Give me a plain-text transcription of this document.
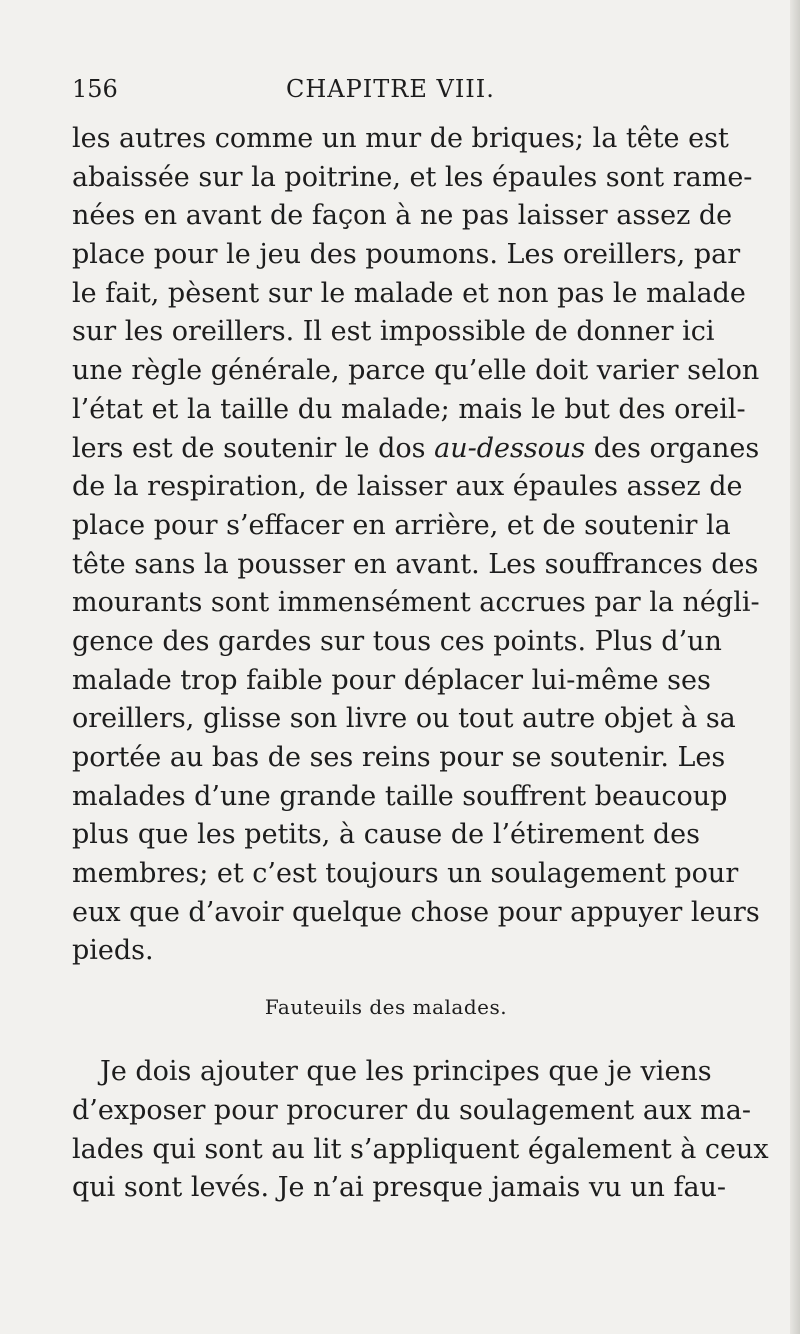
156	CHAPITRE VIII.
les autres comme un mur de briques; la tête est
abaissée sur la poitrine, et les épaules sont rame-
nées en avant de façon à ne pas laisser assez de
place pour le jeu des poumons. Les oreillers, par
le fait, pèsent sur le malade et non pas le malade
sur les oreillers. Il est impossible de donner ici
une règle générale, parce qu’elle doit varier selon
l’état et la taille du malade; mais le but des oreil-
lers est de soutenir le dos au-dessous des organes
de la respiration, de laisser aux épaules assez de
place pour s’effacer en arrière, et de soutenir la
tête sans la pousser en avant. Les souffrances des
mourants sont immensément accrues par la négli-
gence des gardes sur tous ces points. Plus d’un
malade trop faible pour déplacer lui-même ses
oreillers, glisse son livre ou tout autre objet à sa
portée au bas de ses reins pour se soutenir. Les
malades d’une grande taille souffrent beaucoup
plus que les petits, à cause de l’étirement des
membres; et c’est toujours un soulagement pour
eux que d’avoir quelque chose pour appuyer leurs
pieds.
Fauteuils des malades.
Je dois ajouter que les principes que je viens
d’exposer pour procurer du soulagement aux ma-
lades qui sont au lit s’appliquent également à ceux
qui sont levés. Je n’ai presque jamais vu un fau-
